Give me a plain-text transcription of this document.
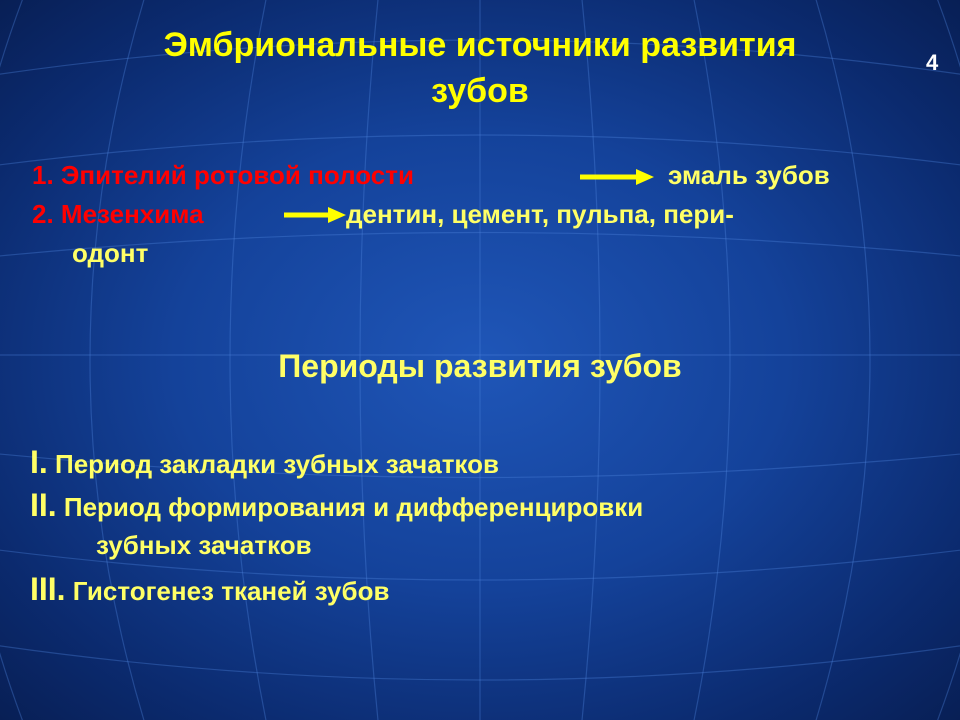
Эмбриональные источники развития
зубов
4
1. Эпителий ротовой полости	эмаль зубов
2. Мезенхима	дентин, цемент, пульпа, пери-
одонт
Периоды развития зубов
I. Период закладки зубных зачатков
II. Период формирования и дифференцировки
зубных зачатков
III. Гистогенез тканей зубов
